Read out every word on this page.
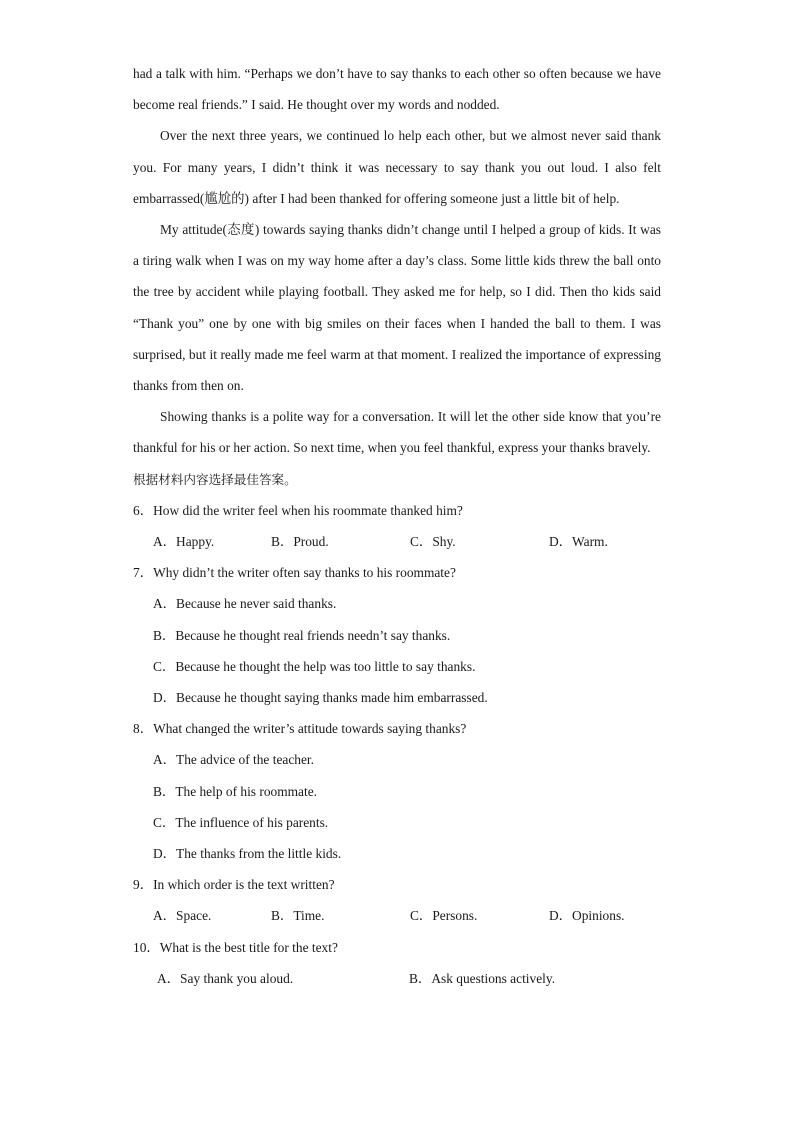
had a talk with him. “Perhaps we don’t have to say thanks to each other so often because we have become real friends.” I said. He thought over my words and nodded.

Over the next three years, we continued lo help each other, but we almost never said thank you. For many years, I didn’t think it was necessary to say thank you out loud. I also felt embarrassed(尴尬的) after I had been thanked for offering someone just a little bit of help.

My attitude(态度) towards saying thanks didn’t change until I helped a group of kids. It was a tiring walk when I was on my way home after a day’s class. Some little kids threw the ball onto the tree by accident while playing football. They asked me for help, so I did. Then tho kids said “Thank you” one by one with big smiles on their faces when I handed the ball to them. I was surprised, but it really made me feel warm at that moment. I realized the importance of expressing thanks from then on.

Showing thanks is a polite way for a conversation. It will let the other side know that you’re thankful for his or her action. So next time, when you feel thankful, express your thanks bravely.

根据材料内容选择最佳答案。
6．How did the writer feel when his roommate thanked him?
A．Happy.	B．Proud.	C．Shy.	D．Warm.
7．Why didn’t the writer often say thanks to his roommate?
A．Because he never said thanks.
B．Because he thought real friends needn’t say thanks.
C．Because he thought the help was too little to say thanks.
D．Because he thought saying thanks made him embarrassed.
8．What changed the writer’s attitude towards saying thanks?
A．The advice of the teacher.
B．The help of his roommate.
C．The influence of his parents.
D．The thanks from the little kids.
9．In which order is the text written?
A．Space.	B．Time.	C．Persons.	D．Opinions.
10．What is the best title for the text?
A．Say thank you aloud.	B．Ask questions actively.
